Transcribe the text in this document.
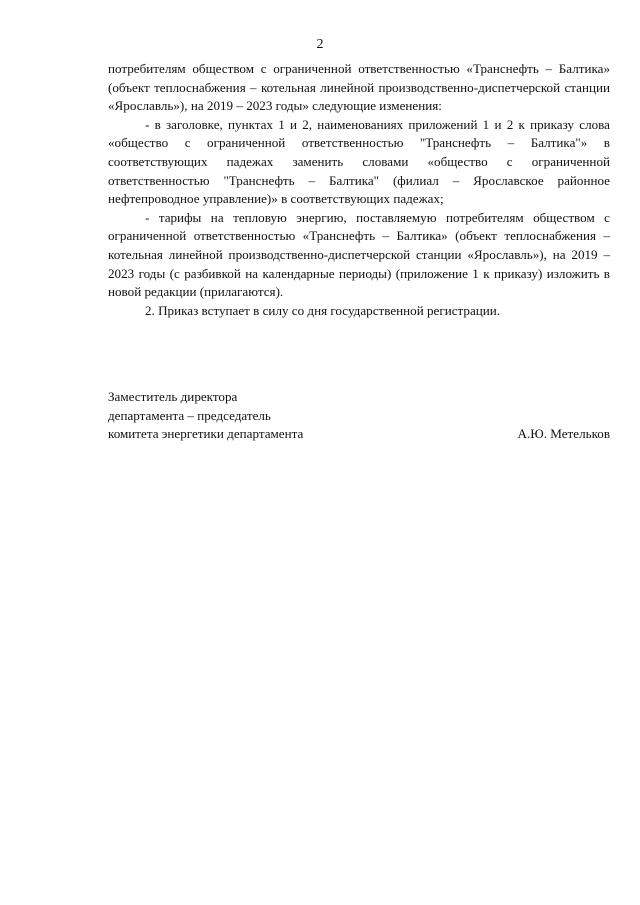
2

потребителям обществом с ограниченной ответственностью «Транснефть – Балтика» (объект теплоснабжения – котельная линейной производственно-диспетчерской станции «Ярославль»), на 2019 – 2023 годы» следующие изменения:

- в заголовке, пунктах 1 и 2, наименованиях приложений 1 и 2 к приказу слова «общество с ограниченной ответственностью "Транснефть – Балтика"» в соответствующих падежах заменить словами «общество с ограниченной ответственностью "Транснефть – Балтика" (филиал – Ярославское районное нефтепроводное управление)» в соответствующих падежах;

- тарифы на тепловую энергию, поставляемую потребителям обществом с ограниченной ответственностью «Транснефть – Балтика» (объект теплоснабжения – котельная линейной производственно-диспетчерской станции «Ярославль»), на 2019 – 2023 годы (с разбивкой на календарные периоды) (приложение 1 к приказу) изложить в новой редакции (прилагаются).

2. Приказ вступает в силу со дня государственной регистрации.

Заместитель директора
департамента – председатель
комитета энергетики департамента	А.Ю. Метельков
